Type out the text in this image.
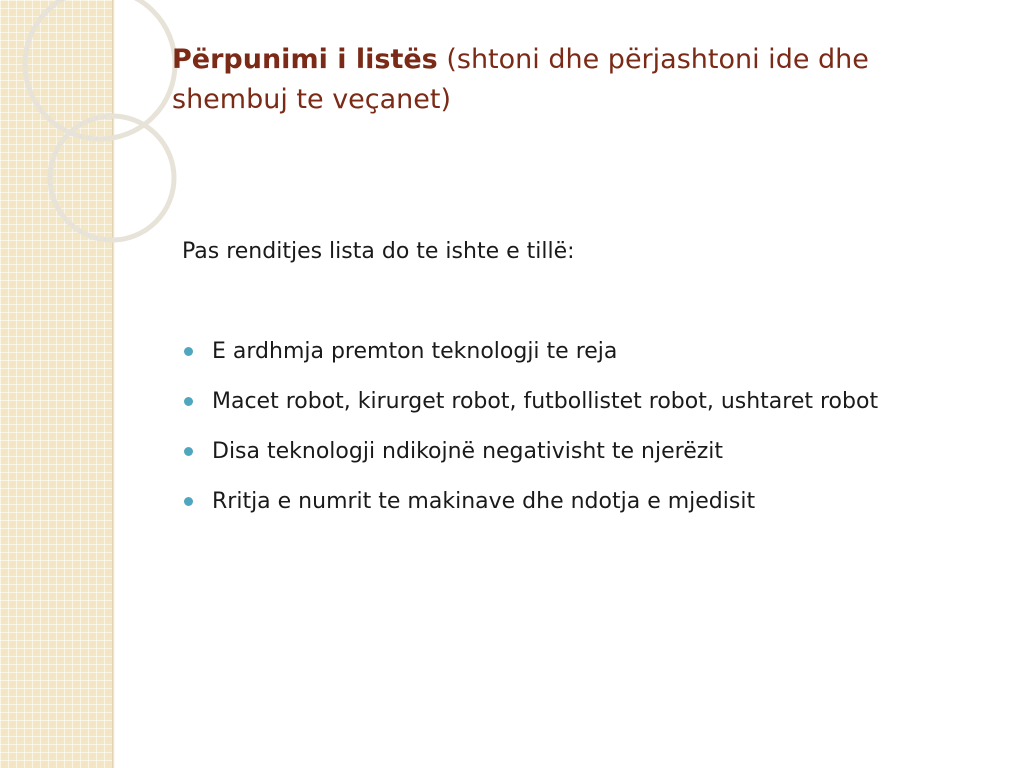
Përpunimi i listës (shtoni dhe përjashtoni ide dhe shembuj te veçanet)

Pas renditjes lista do te ishte e tillë:

E ardhmja premton teknologji te reja
Macet robot, kirurget robot, futbollistet robot, ushtaret robot
Disa teknologji ndikojnë negativisht te njerëzit
Rritja e numrit te makinave dhe ndotja e mjedisit
